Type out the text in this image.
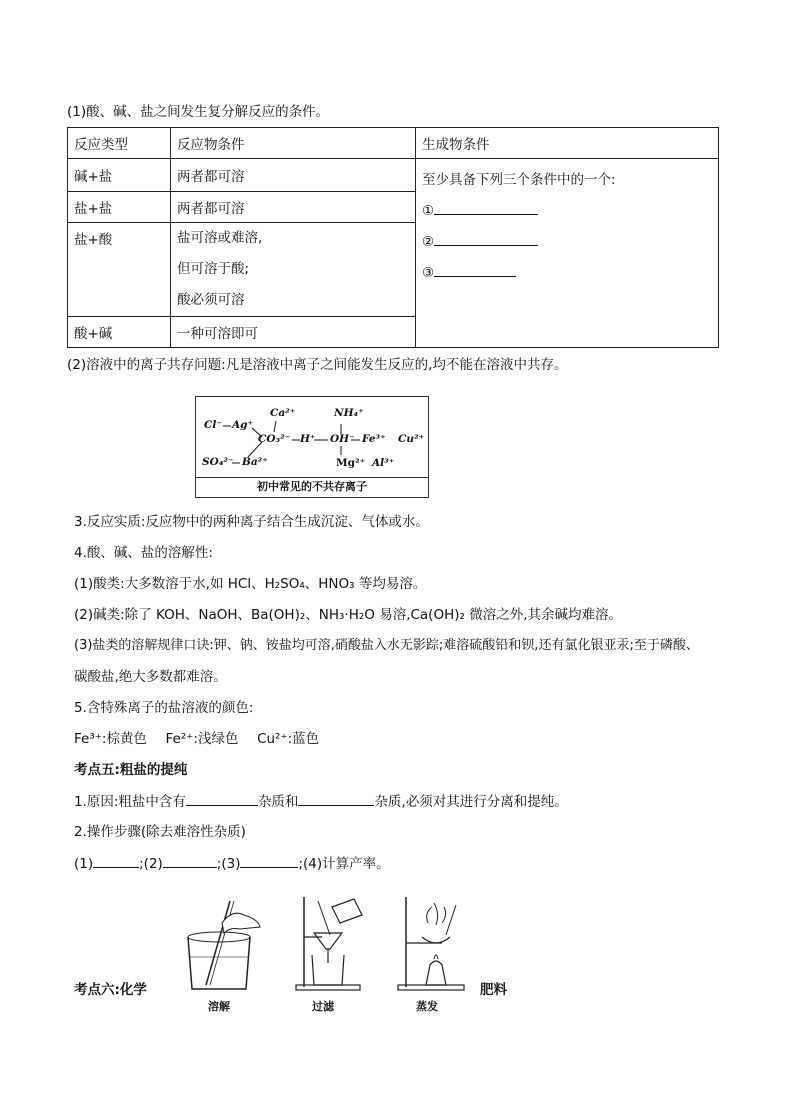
(1)酸、碱、盐之间发生复分解反应的条件。
反应类型	反应物条件	生成物条件
碱+盐	两者都可溶	至少具备下列三个条件中的一个:
①
②
③

盐+盐	两者都可溶	
盐+酸	盐可溶或难溶,
但可溶于酸;
酸必须可溶	

酸+碱	一种可溶即可	
(2)溶液中的离子共存问题:凡是溶液中离子之间能发生反应的,均不能在溶液中共存。
Cl⁻ Ag⁺
Ca²⁺
CO₃²⁻ H⁺ OH⁻ Fe³⁺ Cu²⁺
NH₄⁺
SO₄²⁻ Ba²⁺	Mg²⁺ Al³⁺
初中常见的不共存离子
3.反应实质:反应物中的两种离子结合生成沉淀、气体或水。
4.酸、碱、盐的溶解性:
(1)酸类:大多数溶于水,如 HCl、H₂SO₄、HNO₃ 等均易溶。
(2)碱类:除了 KOH、NaOH、Ba(OH)₂、NH₃·H₂O 易溶,Ca(OH)₂ 微溶之外,其余碱均难溶。
(3)盐类的溶解规律口诀:钾、钠、铵盐均可溶,硝酸盐入水无影踪;难溶硫酸铅和钡,还有氯化银亚汞;至于磷酸、
碳酸盐,绝大多数都难溶。
5.含特殊离子的盐溶液的颜色:
Fe³⁺:棕黄色 Fe²⁺:浅绿色 Cu²⁺:蓝色
考点五:粗盐的提纯
1.原因:粗盐中含有	杂质和	杂质,必须对其进行分离和提纯。
2.操作步骤(除去难溶性杂质)
(1)	;(2)	;(3)	;(4)计算产率。
溶解	过滤	蒸发
考点六:化学	肥料
